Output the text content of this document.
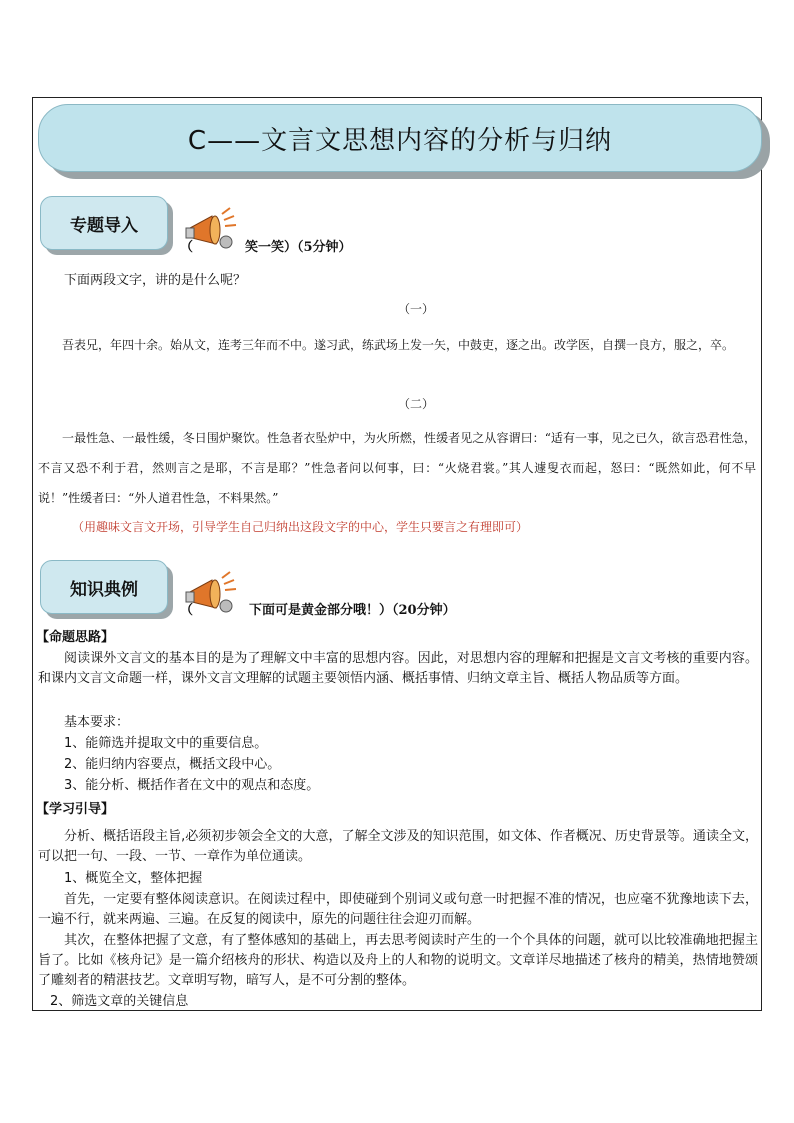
C——文言文思想内容的分析与归纳
专题导入
（	笑一笑）（5分钟）
下面两段文字，讲的是什么呢？
（一）
吾表兄，年四十余。始从文，连考三年而不中。遂习武，练武场上发一矢，中鼓吏，逐之出。改学医，自撰一良方，服之，卒。
（二）
一最性急、一最性缓，冬日围炉聚饮。性急者衣坠炉中，为火所燃，性缓者见之从容谓曰：“适有一事，见之已久，欲言恐君性急，不言又恐不利于君，然则言之是耶，不言是耶？”性急者问以何事，曰：“火烧君裳。”其人遽叟衣而起，怒曰：“既然如此，何不早说！”性缓者曰：“外人道君性急，不料果然。”
（用趣味文言文开场，引导学生自己归纳出这段文字的中心，学生只要言之有理即可）
知识典例
（	下面可是黄金部分哦！）（20分钟）
【命题思路】
阅读课外文言文的基本目的是为了理解文中丰富的思想内容。因此，对思想内容的理解和把握是文言文考核的重要内容。和课内文言文命题一样，课外文言文理解的试题主要领悟内涵、概括事情、归纳文章主旨、概括人物品质等方面。
基本要求：
1、能筛选并提取文中的重要信息。
2、能归纳内容要点，概括文段中心。
3、能分析、概括作者在文中的观点和态度。
【学习引导】
分析、概括语段主旨,必须初步领会全文的大意，了解全文涉及的知识范围，如文体、作者概况、历史背景等。通读全文，可以把一句、一段、一节、一章作为单位通读。
1、概览全文，整体把握
首先，一定要有整体阅读意识。在阅读过程中，即使碰到个别词义或句意一时把握不准的情况，也应毫不犹豫地读下去，一遍不行，就来两遍、三遍。在反复的阅读中，原先的问题往往会迎刃而解。
其次，在整体把握了文意，有了整体感知的基础上，再去思考阅读时产生的一个个具体的问题，就可以比较准确地把握主旨了。比如《核舟记》是一篇介绍核舟的形状、构造以及舟上的人和物的说明文。文章详尽地描述了核舟的精美，热情地赞颂了雕刻者的精湛技艺。文章明写物，暗写人，是不可分割的整体。
2、筛选文章的关键信息
